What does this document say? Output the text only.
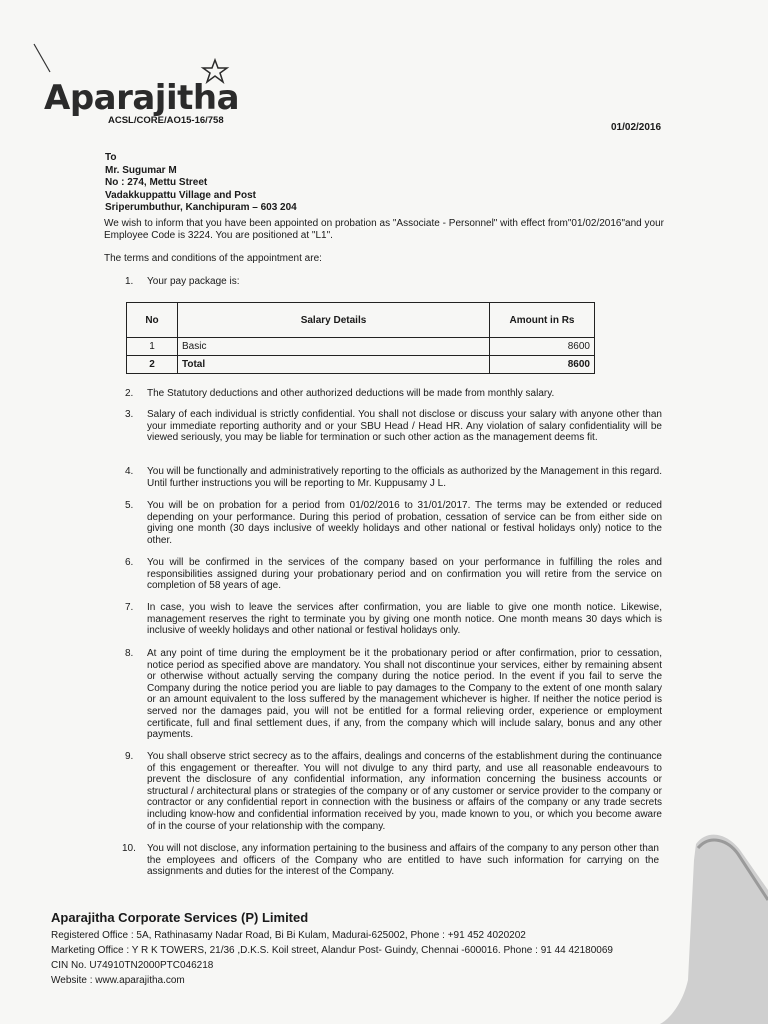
Aparajitha
ACSL/CORE/AO15-16/758
01/02/2016
To
Mr. Sugumar M
No : 274, Mettu Street
Vadakkuppattu Village and Post
Sriperumbuthur, Kanchipuram – 603 204
We wish to inform that you have been appointed on probation as "Associate - Personnel" with effect from"01/02/2016"and your Employee Code is 3224. You are positioned at "L1".
The terms and conditions of the appointment are:
1. Your pay package is:
No	Salary Details	Amount in Rs
1	Basic	8600
2	Total	8600
2. The Statutory deductions and other authorized deductions will be made from monthly salary.
3. Salary of each individual is strictly confidential. You shall not disclose or discuss your salary with anyone other than your immediate reporting authority and or your SBU Head / Head HR. Any violation of salary confidentiality will be viewed seriously, you may be liable for termination or such other action as the management deems fit.
4. You will be functionally and administratively reporting to the officials as authorized by the Management in this regard. Until further instructions you will be reporting to Mr. Kuppusamy J L.
5. You will be on probation for a period from 01/02/2016 to 31/01/2017. The terms may be extended or reduced depending on your performance. During this period of probation, cessation of service can be from either side on giving one month (30 days inclusive of weekly holidays and other national or festival holidays only) notice to the other.
6. You will be confirmed in the services of the company based on your performance in fulfilling the roles and responsibilities assigned during your probationary period and on confirmation you will retire from the service on completion of 58 years of age.
7. In case, you wish to leave the services after confirmation, you are liable to give one month notice. Likewise, management reserves the right to terminate you by giving one month notice. One month means 30 days which is inclusive of weekly holidays and other national or festival holidays only.
8. At any point of time during the employment be it the probationary period or after confirmation, prior to cessation, notice period as specified above are mandatory. You shall not discontinue your services, either by remaining absent or otherwise without actually serving the company during the notice period. In the event if you fail to serve the Company during the notice period you are liable to pay damages to the Company to the extent of one month salary or an amount equivalent to the loss suffered by the management whichever is higher. If neither the notice period is served nor the damages paid, you will not be entitled for a formal relieving order, experience or employment certificate, full and final settlement dues, if any, from the company which will include salary, bonus and any other payments.
9. You shall observe strict secrecy as to the affairs, dealings and concerns of the establishment during the continuance of this engagement or thereafter. You will not divulge to any third party, and use all reasonable endeavours to prevent the disclosure of any confidential information, any information concerning the business accounts or structural / architectural plans or strategies of the company or of any customer or service provider to the company or contractor or any confidential report in connection with the business or affairs of the company or any trade secrets including know-how and confidential information received by you, made known to you, or which you become aware of in the course of your relationship with the company.
10. You will not disclose, any information pertaining to the business and affairs of the company to any person other than the employees and officers of the Company who are entitled to have such information for carrying on the assignments and duties for the interest of the Company.
Aparajitha Corporate Services (P) Limited
Registered Office : 5A, Rathinasamy Nadar Road, Bi Bi Kulam, Madurai-625002, Phone : +91 452 4020202
Marketing Office : Y R K TOWERS, 21/36 ,D.K.S. Koil street, Alandur Post- Guindy, Chennai -600016. Phone : 91 44 42180069
CIN No. U74910TN2000PTC046218
Website : www.aparajitha.com
